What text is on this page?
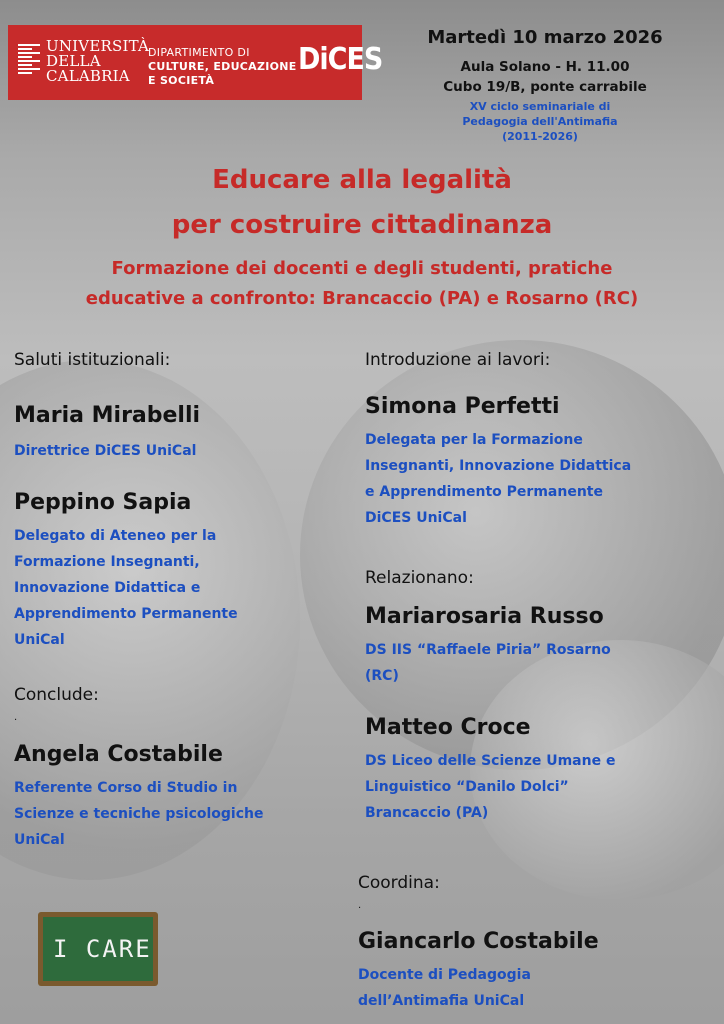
UNIVERSITÀ
DELLA
CALABRIA
DIPARTIMENTO DI
CULTURE, EDUCAZIONE
E SOCIETÀ
DiCES
Martedì 10 marzo 2026
Aula Solano - H. 11.00
Cubo 19/B, ponte carrabile
XV ciclo seminariale di
Pedagogia dell'Antimafia
(2011-2026)
Educare alla legalità
per costruire cittadinanza
Formazione dei docenti e degli studenti, pratiche
educative a confronto: Brancaccio (PA) e Rosarno (RC)
Saluti istituzionali:
Maria Mirabelli
Direttrice DiCES UniCal
Peppino Sapia
Delegato di Ateneo per la
Formazione Insegnanti,
Innovazione Didattica e
Apprendimento Permanente
UniCal
Conclude:
.
Angela Costabile
Referente Corso di Studio in
Scienze e tecniche psicologiche
UniCal
I CARE
Introduzione ai lavori:
Simona Perfetti
Delegata per la Formazione
Insegnanti, Innovazione Didattica
e Apprendimento Permanente
DiCES UniCal
Relazionano:
Mariarosaria Russo
DS IIS “Raffaele Piria” Rosarno
(RC)
Matteo Croce
DS Liceo delle Scienze Umane e
Linguistico “Danilo Dolci”
Brancaccio (PA)
Coordina:
.
Giancarlo Costabile
Docente di Pedagogia
dell’Antimafia UniCal
